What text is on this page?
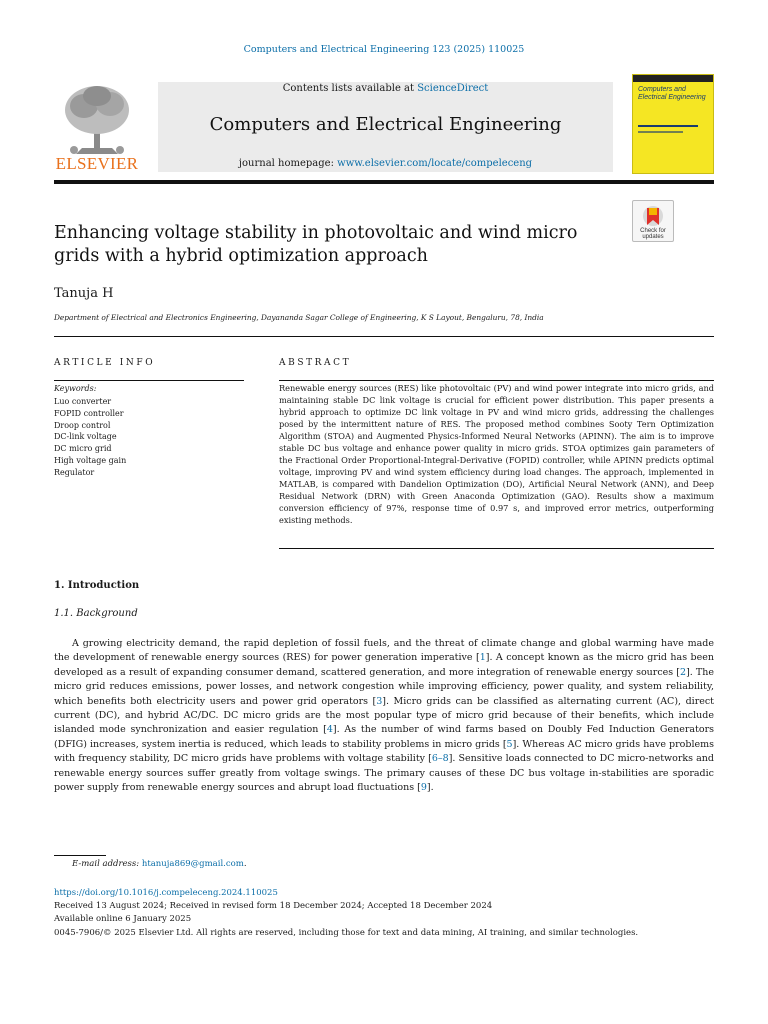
Computers and Electrical Engineering 123 (2025) 110025
ELSEVIER
Contents lists available at ScienceDirect
Computers and Electrical Engineering
journal homepage: www.elsevier.com/locate/compeleceng
Computers and Electrical Engineering
Check for updates
Enhancing voltage stability in photovoltaic and wind micro grids with a hybrid optimization approach
Tanuja H
Department of Electrical and Electronics Engineering, Dayananda Sagar College of Engineering, K S Layout, Bengaluru, 78, India
ARTICLE INFO	ABSTRACT
Keywords:
Luo converter
FOPID controller
Droop control
DC-link voltage
DC micro grid
High voltage gain
Regulator
Renewable energy sources (RES) like photovoltaic (PV) and wind power integrate into micro grids, and maintaining stable DC link voltage is crucial for efficient power distribution. This paper presents a hybrid approach to optimize DC link voltage in PV and wind micro grids, addressing the challenges posed by the intermittent nature of RES. The proposed method combines Sooty Tern Optimization Algorithm (STOA) and Augmented Physics-Informed Neural Networks (APINN). The aim is to improve stable DC bus voltage and enhance power quality in micro grids. STOA optimizes gain parameters of the Fractional Order Proportional-Integral-Derivative (FOPID) controller, while APINN predicts optimal voltage, improving PV and wind system efficiency during load changes. The approach, implemented in MATLAB, is compared with Dandelion Optimization (DO), Artificial Neural Network (ANN), and Deep Residual Network (DRN) with Green Anaconda Optimization (GAO). Results show a maximum conversion efficiency of 97%, response time of 0.97 s, and improved error metrics, outperforming existing methods.
1. Introduction
1.1. Background
A growing electricity demand, the rapid depletion of fossil fuels, and the threat of climate change and global warming have made the development of renewable energy sources (RES) for power generation imperative [1]. A concept known as the micro grid has been developed as a result of expanding consumer demand, scattered generation, and more integration of renewable energy sources [2]. The micro grid reduces emissions, power losses, and network congestion while improving efficiency, power quality, and system reliability, which benefits both electricity users and power grid operators [3]. Micro grids can be classified as alternating current (AC), direct current (DC), and hybrid AC/DC. DC micro grids are the most popular type of micro grid because of their benefits, which include islanded mode synchronization and easier regulation [4]. As the number of wind farms based on Doubly Fed Induction Generators (DFIG) increases, system inertia is reduced, which leads to stability problems in micro grids [5]. Whereas AC micro grids have problems with frequency stability, DC micro grids have problems with voltage stability [6–8]. Sensitive loads connected to DC micro-networks and renewable energy sources suffer greatly from voltage swings. The primary causes of these DC bus voltage in-stabilities are sporadic power supply from renewable energy sources and abrupt load fluctuations [9].
E-mail address: htanuja869@gmail.com.
https://doi.org/10.1016/j.compeleceng.2024.110025
Received 13 August 2024; Received in revised form 18 December 2024; Accepted 18 December 2024
Available online 6 January 2025
0045-7906/© 2025 Elsevier Ltd. All rights are reserved, including those for text and data mining, AI training, and similar technologies.
